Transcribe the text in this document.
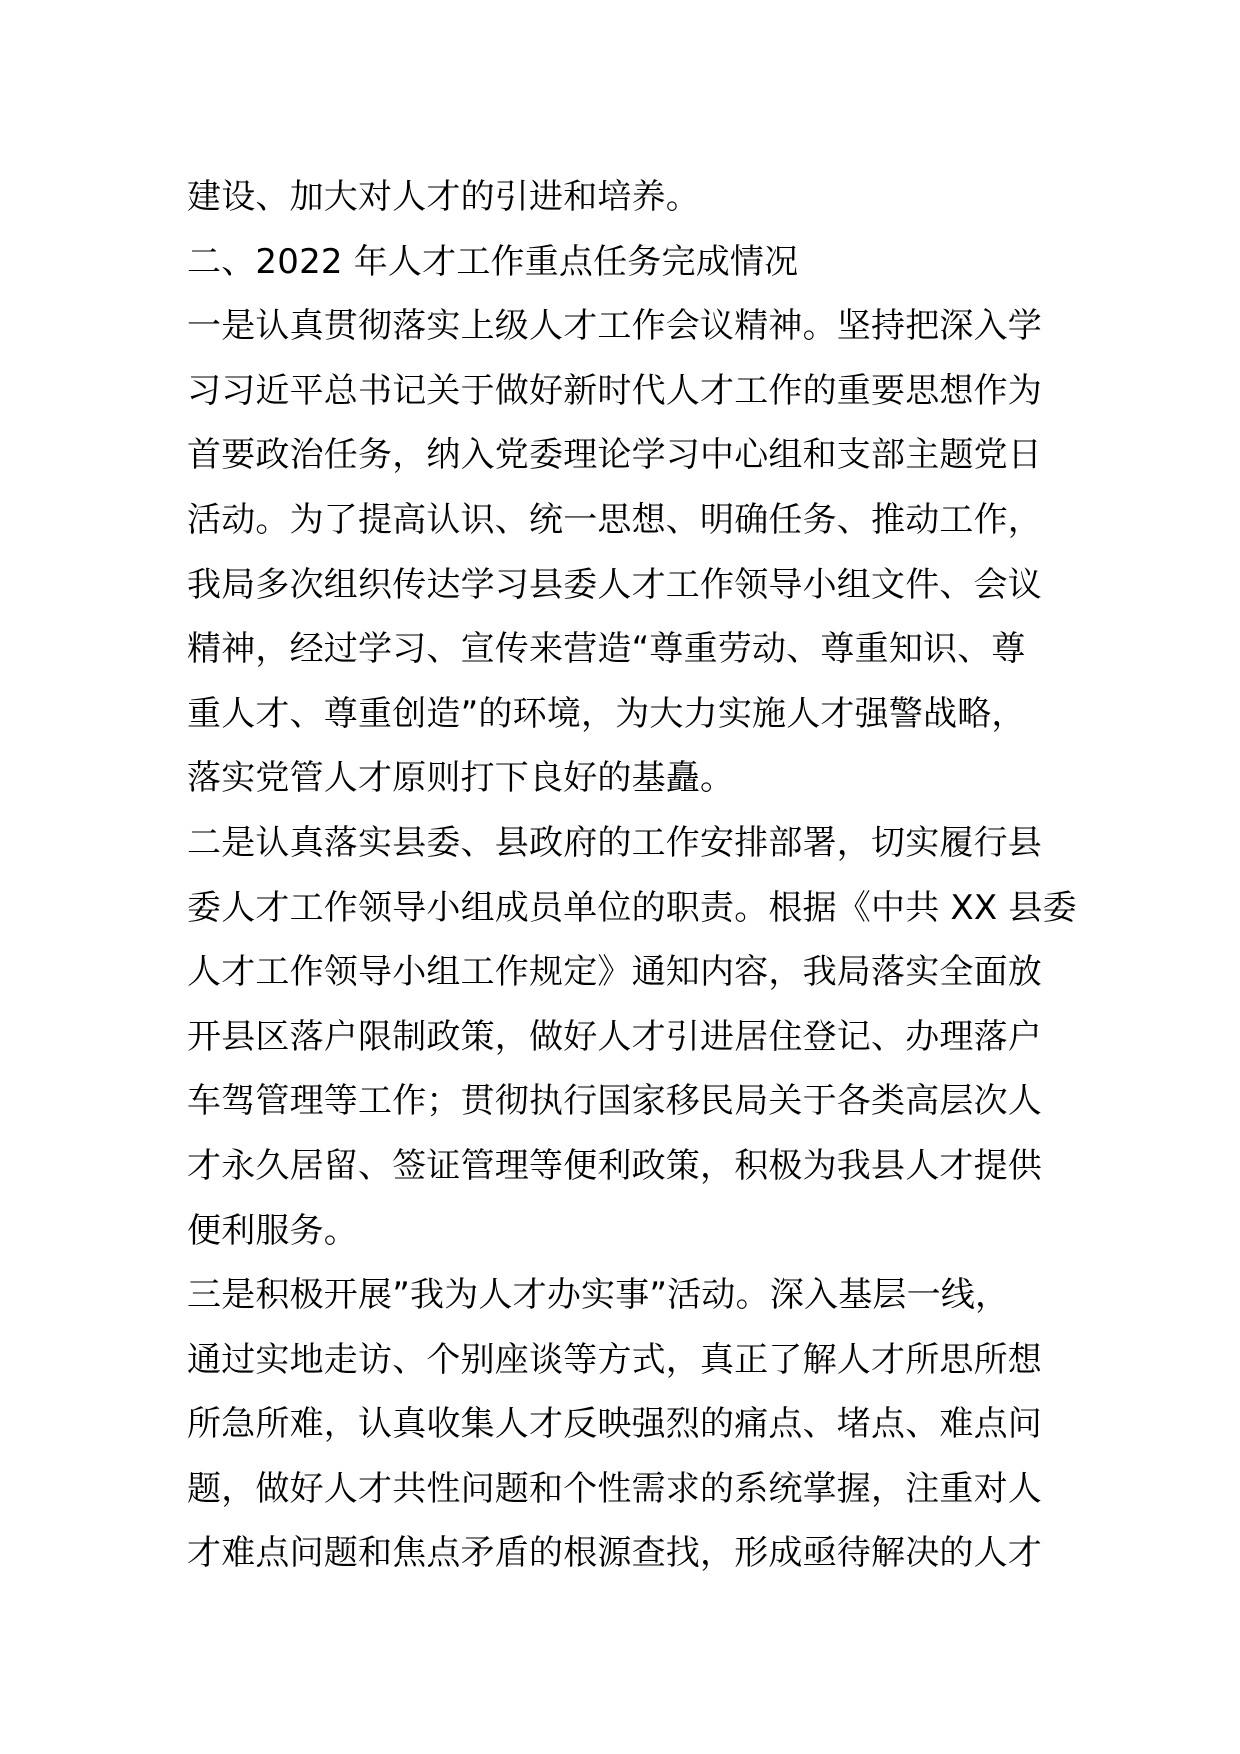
建设、加大对人才的引进和培养。
二、2022 年人才工作重点任务完成情况
一是认真贯彻落实上级人才工作会议精神。坚持把深入学
习习近平总书记关于做好新时代人才工作的重要思想作为
首要政治任务，纳入党委理论学习中心组和支部主题党日
活动。为了提高认识、统一思想、明确任务、推动工作，
我局多次组织传达学习县委人才工作领导小组文件、会议
精神，经过学习、宣传来营造“尊重劳动、尊重知识、尊
重人才、尊重创造”的环境，为大力实施人才强警战略，
落实党管人才原则打下良好的基矗。
二是认真落实县委、县政府的工作安排部署，切实履行县
委人才工作领导小组成员单位的职责。根据《中共 XX 县委
人才工作领导小组工作规定》通知内容，我局落实全面放
开县区落户限制政策，做好人才引进居住登记、办理落户
车驾管理等工作；贯彻执行国家移民局关于各类高层次人
才永久居留、签证管理等便利政策，积极为我县人才提供
便利服务。
三是积极开展”我为人才办实事”活动。深入基层一线，
通过实地走访、个别座谈等方式，真正了解人才所思所想
所急所难，认真收集人才反映强烈的痛点、堵点、难点问
题，做好人才共性问题和个性需求的系统掌握，注重对人
才难点问题和焦点矛盾的根源查找，形成亟待解决的人才
